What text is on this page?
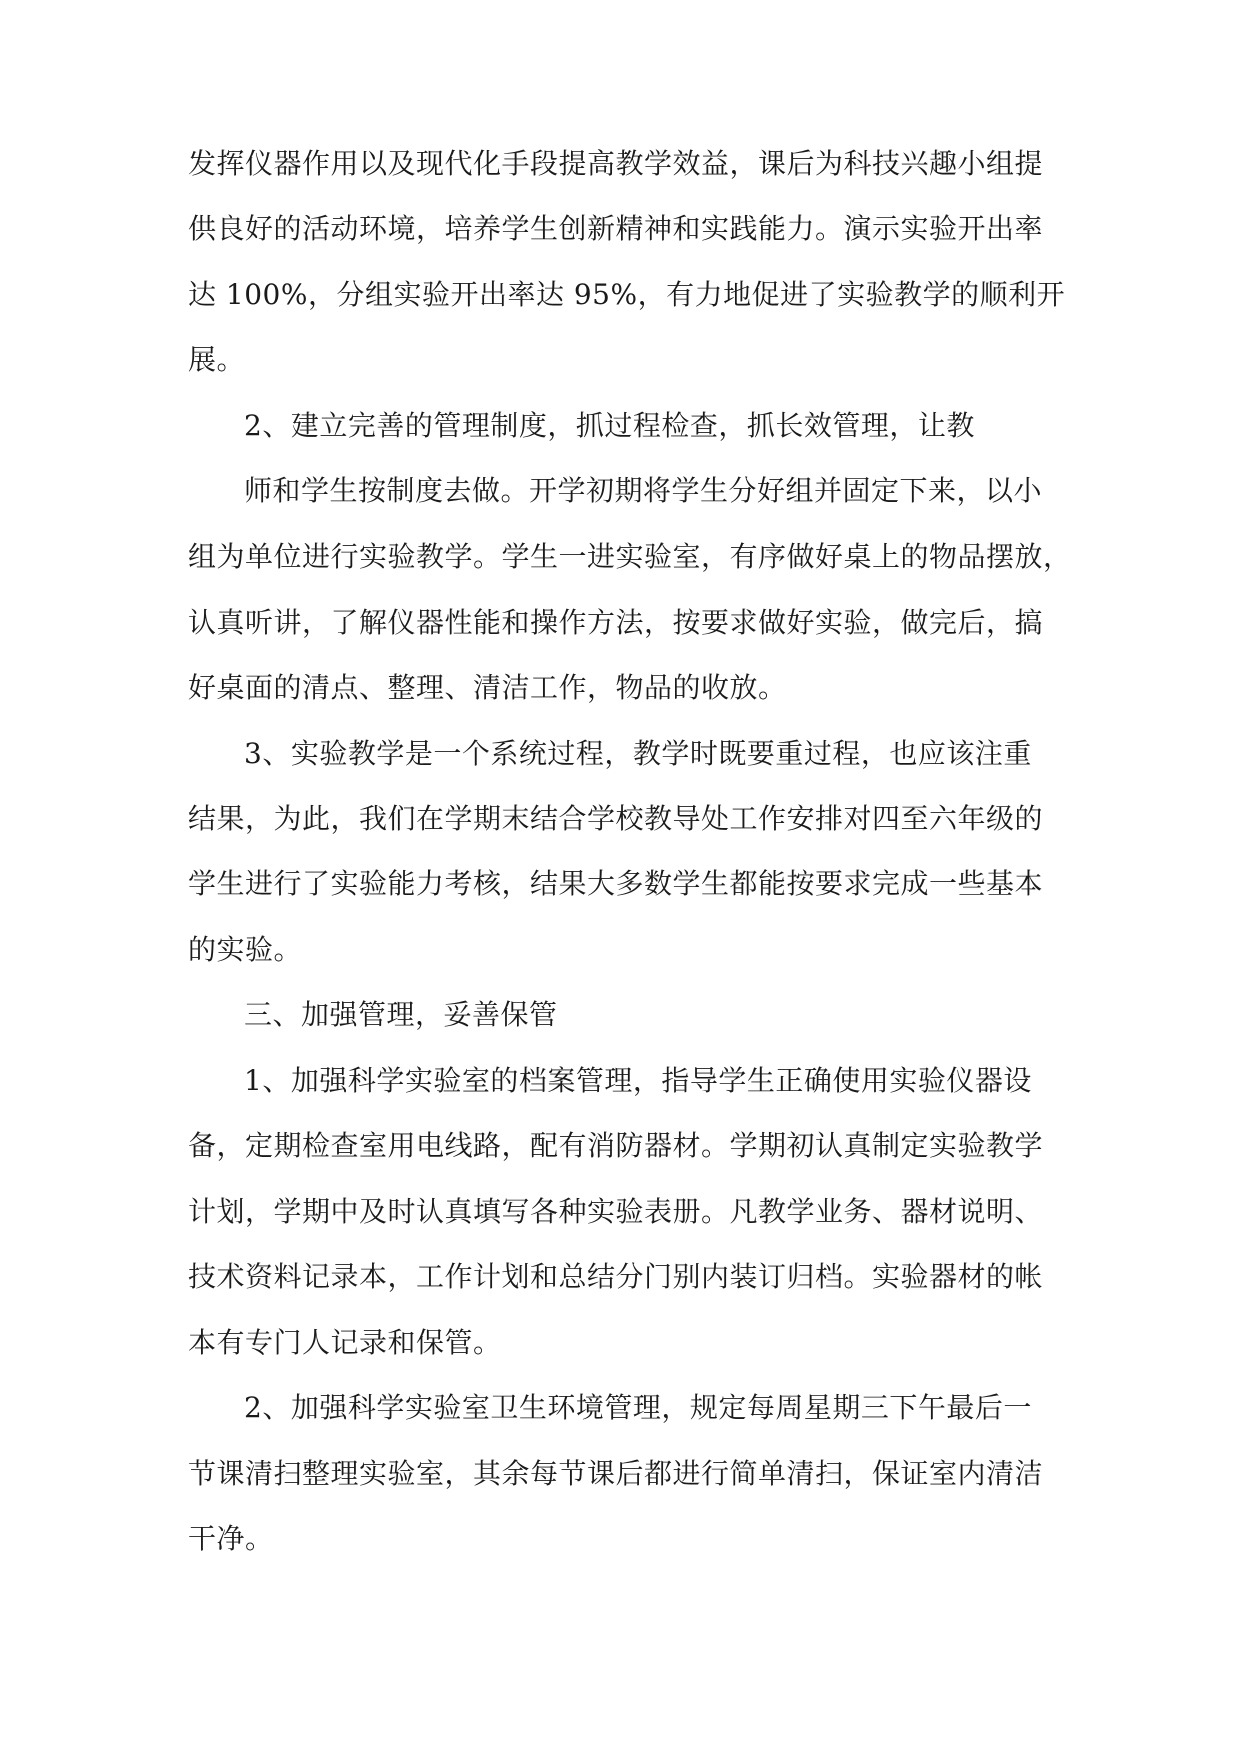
发挥仪器作用以及现代化手段提高教学效益，课后为科技兴趣小组提
供良好的活动环境，培养学生创新精神和实践能力。演示实验开出率
达 100%，分组实验开出率达 95%，有力地促进了实验教学的顺利开
展。
2、建立完善的管理制度，抓过程检查，抓长效管理，让教
师和学生按制度去做。开学初期将学生分好组并固定下来，以小
组为单位进行实验教学。学生一进实验室，有序做好桌上的物品摆放，
认真听讲，了解仪器性能和操作方法，按要求做好实验，做完后，搞
好桌面的清点、整理、清洁工作，物品的收放。
3、实验教学是一个系统过程，教学时既要重过程，也应该注重
结果，为此，我们在学期末结合学校教导处工作安排对四至六年级的
学生进行了实验能力考核，结果大多数学生都能按要求完成一些基本
的实验。
三、加强管理，妥善保管
1、加强科学实验室的档案管理，指导学生正确使用实验仪器设
备，定期检查室用电线路，配有消防器材。学期初认真制定实验教学
计划，学期中及时认真填写各种实验表册。凡教学业务、器材说明、
技术资料记录本，工作计划和总结分门别内装订归档。实验器材的帐
本有专门人记录和保管。
2、加强科学实验室卫生环境管理，规定每周星期三下午最后一
节课清扫整理实验室，其余每节课后都进行简单清扫，保证室内清洁
干净。
